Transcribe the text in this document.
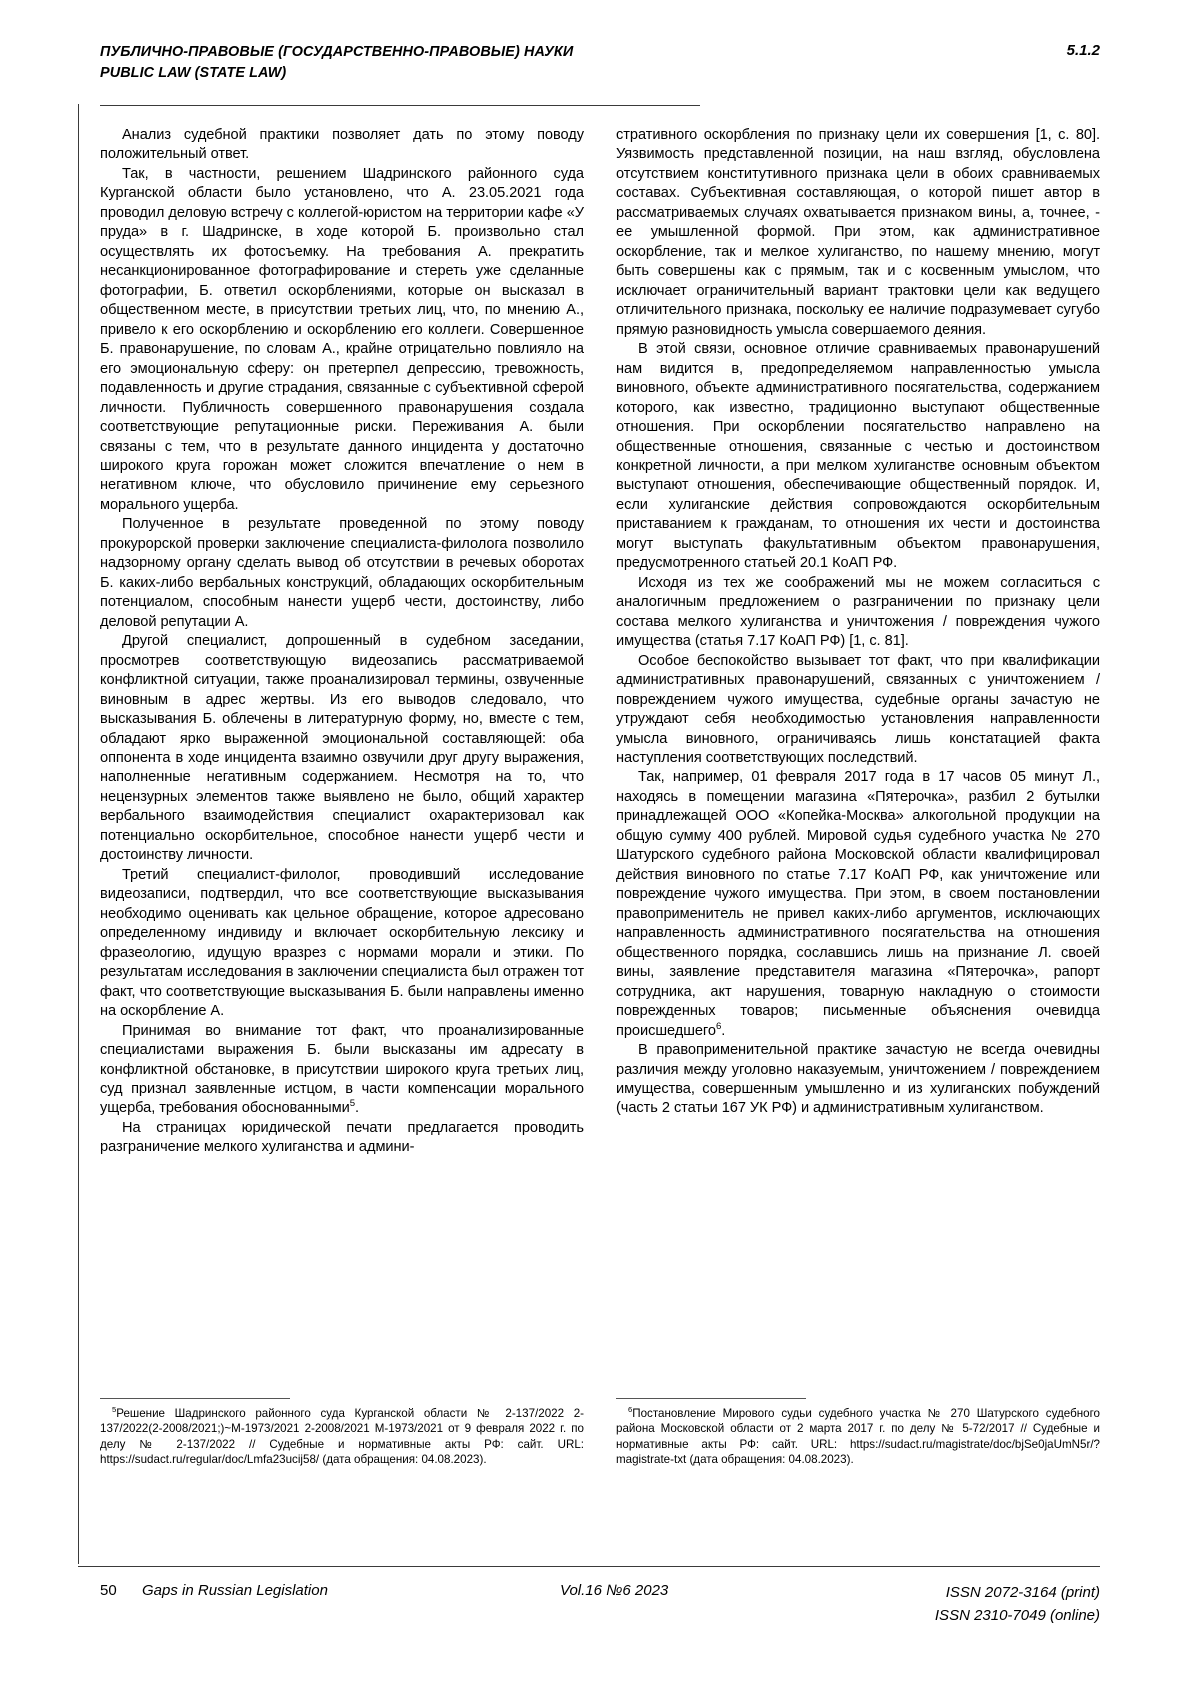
ПУБЛИЧНО-ПРАВОВЫЕ (ГОСУДАРСТВЕННО-ПРАВОВЫЕ) НАУКИ
PUBLIC LAW (STATE LAW)
5.1.2

Анализ судебной практики позволяет дать по этому поводу положительный ответ.

Так, в частности, решением Шадринского районного суда Курганской области было установлено, что А. 23.05.2021 года проводил деловую встречу с коллегой-юристом на территории кафе «У пруда» в г. Шадринске, в ходе которой Б. произвольно стал осуществлять их фотосъемку. На требования А. прекратить несанкционированное фотографирование и стереть уже сделанные фотографии, Б. ответил оскорблениями, которые он высказал в общественном месте, в присутствии третьих лиц, что, по мнению А., привело к его оскорблению и оскорблению его коллеги. Совершенное Б. правонарушение, по словам А., крайне отрицательно повлияло на его эмоциональную сферу: он претерпел депрессию, тревожность, подавленность и другие страдания, связанные с субъективной сферой личности. Публичность совершенного правонарушения создала соответствующие репутационные риски. Переживания А. были связаны с тем, что в результате данного инцидента у достаточно широкого круга горожан может сложится впечатление о нем в негативном ключе, что обусловило причинение ему серьезного морального ущерба.

Полученное в результате проведенной по этому поводу прокурорской проверки заключение специалиста-филолога позволило надзорному органу сделать вывод об отсутствии в речевых оборотах Б. каких-либо вербальных конструкций, обладающих оскорбительным потенциалом, способным нанести ущерб чести, достоинству, либо деловой репутации А.

Другой специалист, допрошенный в судебном заседании, просмотрев соответствующую видеозапись рассматриваемой конфликтной ситуации, также проанализировал термины, озвученные виновным в адрес жертвы. Из его выводов следовало, что высказывания Б. облечены в литературную форму, но, вместе с тем, обладают ярко выраженной эмоциональной составляющей: оба оппонента в ходе инцидента взаимно озвучили друг другу выражения, наполненные негативным содержанием. Несмотря на то, что нецензурных элементов также выявлено не было, общий характер вербального взаимодействия специалист охарактеризовал как потенциально оскорбительное, способное нанести ущерб чести и достоинству личности.

Третий специалист-филолог, проводивший исследование видеозаписи, подтвердил, что все соответствующие высказывания необходимо оценивать как цельное обращение, которое адресовано определенному индивиду и включает оскорбительную лексику и фразеологию, идущую вразрез с нормами морали и этики. По результатам исследования в заключении специалиста был отражен тот факт, что соответствующие высказывания Б. были направлены именно на оскорбление А.

Принимая во внимание тот факт, что проанализированные специалистами выражения Б. были высказаны им адресату в конфликтной обстановке, в присутствии широкого круга третьих лиц, суд признал заявленные истцом, в части компенсации морального ущерба, требования обоснованными$^5$.

На страницах юридической печати предлагается проводить разграничение мелкого хулиганства и админи-

стративного оскорбления по признаку цели их совершения [1, с. 80]. Уязвимость представленной позиции, на наш взгляд, обусловлена отсутствием конститутивного признака цели в обоих сравниваемых составах. Субъективная составляющая, о которой пишет автор в рассматриваемых случаях охватывается признаком вины, а, точнее, - ее умышленной формой. При этом, как административное оскорбление, так и мелкое хулиганство, по нашему мнению, могут быть совершены как с прямым, так и с косвенным умыслом, что исключает ограничительный вариант трактовки цели как ведущего отличительного признака, поскольку ее наличие подразумевает сугубо прямую разновидность умысла совершаемого деяния.

В этой связи, основное отличие сравниваемых правонарушений нам видится в, предопределяемом направленностью умысла виновного, объекте административного посягательства, содержанием которого, как известно, традиционно выступают общественные отношения. При оскорблении посягательство направлено на общественные отношения, связанные с честью и достоинством конкретной личности, а при мелком хулиганстве основным объектом выступают отношения, обеспечивающие общественный порядок. И, если хулиганские действия сопровождаются оскорбительным приставанием к гражданам, то отношения их чести и достоинства могут выступать факультативным объектом правонарушения, предусмотренного статьей 20.1 КоАП РФ.

Исходя из тех же соображений мы не можем согласиться с аналогичным предложением о разграничении по признаку цели состава мелкого хулиганства и уничтожения / повреждения чужого имущества (статья 7.17 КоАП РФ) [1, с. 81].

Особое беспокойство вызывает тот факт, что при квалификации административных правонарушений, связанных с уничтожением / повреждением чужого имущества, судебные органы зачастую не утруждают себя необходимостью установления направленности умысла виновного, ограничиваясь лишь констатацией факта наступления соответствующих последствий.

Так, например, 01 февраля 2017 года в 17 часов 05 минут Л., находясь в помещении магазина «Пятерочка», разбил 2 бутылки принадлежащей ООО «Копейка-Москва» алкогольной продукции на общую сумму 400 рублей. Мировой судья судебного участка № 270 Шатурского судебного района Московской области квалифицировал действия виновного по статье 7.17 КоАП РФ, как уничтожение или повреждение чужого имущества. При этом, в своем постановлении правоприменитель не привел каких-либо аргументов, исключающих направленность административного посягательства на отношения общественного порядка, сославшись лишь на признание Л. своей вины, заявление представителя магазина «Пятерочка», рапорт сотрудника, акт нарушения, товарную накладную о стоимости поврежденных товаров; письменные объяснения очевидца происшедшего$^6$.

В правоприменительной практике зачастую не всегда очевидны различия между уголовно наказуемым, уничтожением / повреждением имущества, совершенным умышленно и из хулиганских побуждений (часть 2 статьи 167 УК РФ) и административным хулиганством.

$^5$Решение Шадринского районного суда Курганской области № 2-137/2022 2-137/2022(2-2008/2021;)~М-1973/2021 2-2008/2021 М-1973/2021 от 9 февраля 2022 г. по делу № 2-137/2022 // Судебные и нормативные акты РФ: сайт. URL: https://sudact.ru/regular/doc/Lmfa23ucij58/ (дата обращения: 04.08.2023).

$^6$Постановление Мирового судьи судебного участка № 270 Шатурского судебного района Московской области от 2 марта 2017 г. по делу № 5-72/2017 // Судебные и нормативные акты РФ: сайт. URL: https://sudact.ru/magistrate/doc/bjSe0jaUmN5r/?magistrate-txt (дата обращения: 04.08.2023).

50	Gaps in Russian Legislation	Vol.16 №6 2023	ISSN 2072-3164 (print)
ISSN 2310-7049 (online)
